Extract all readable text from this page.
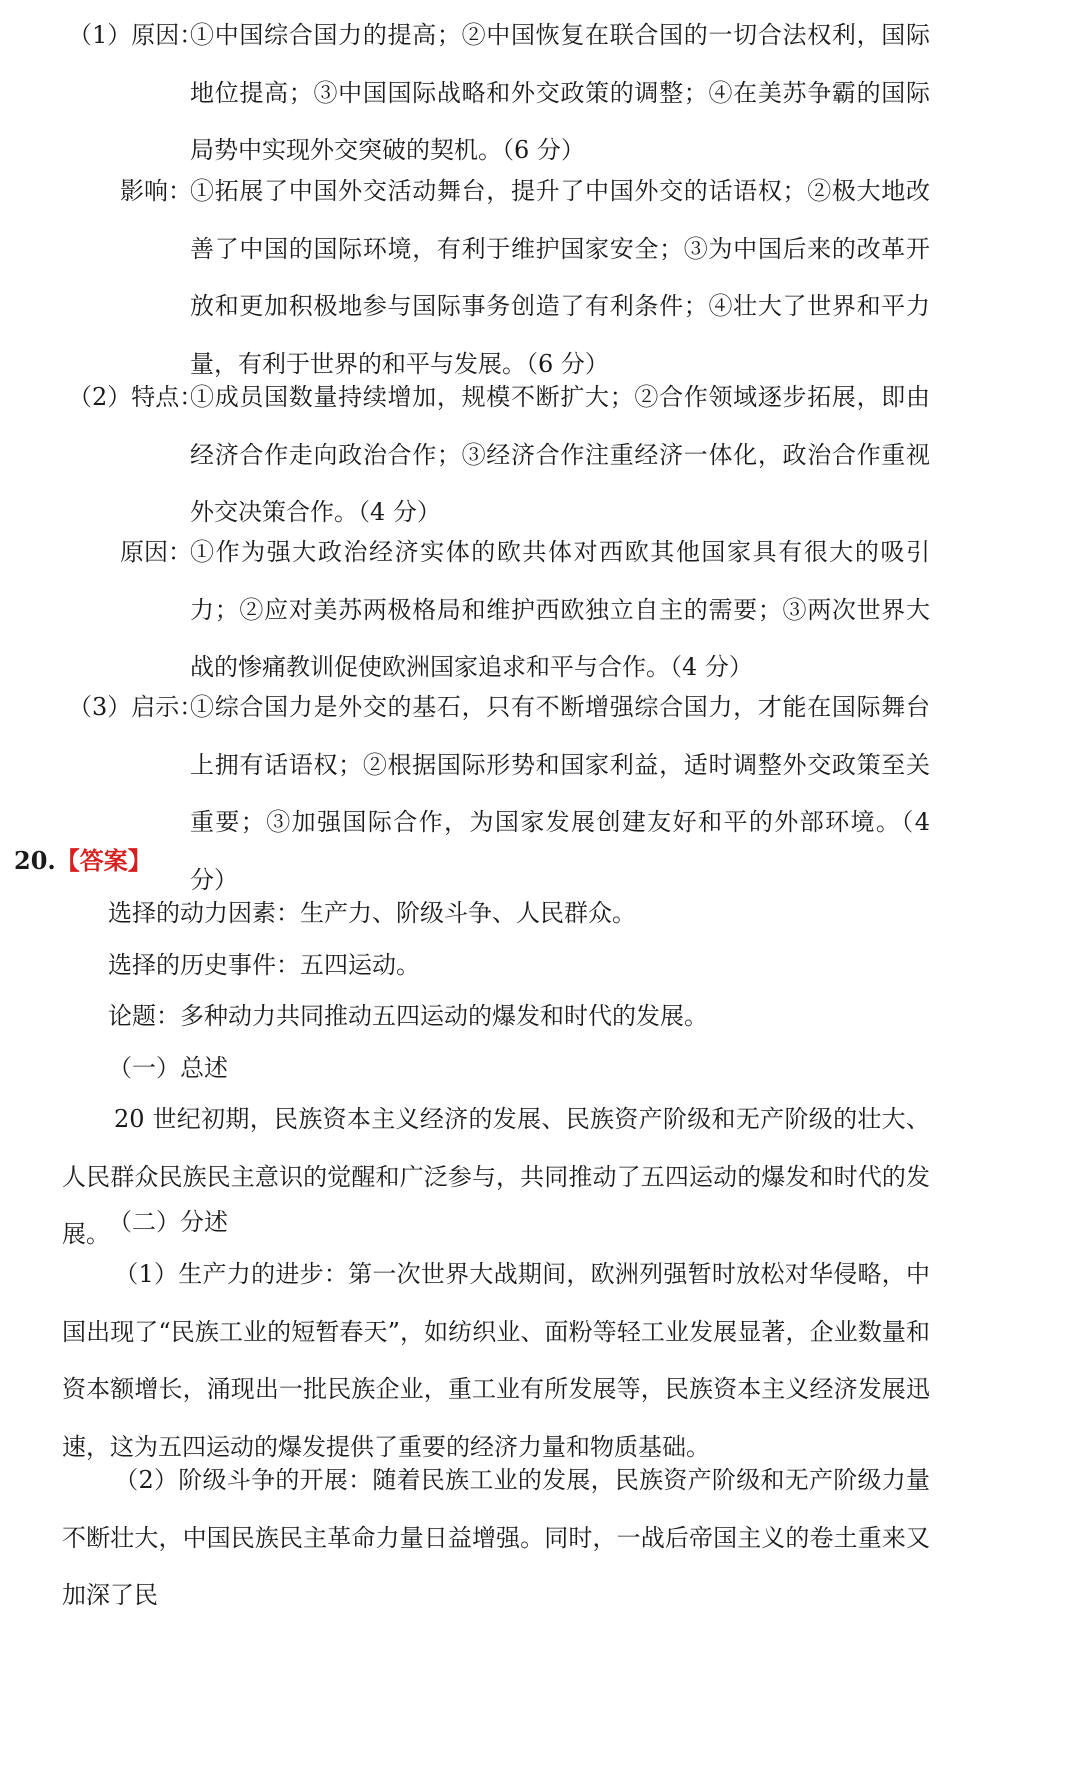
（1）原因：
①中国综合国力的提高；②中国恢复在联合国的一切合法权利，国际地位提高；③中国国际战略和外交政策的调整；④在美苏争霸的国际局势中实现外交突破的契机。（6 分）
影响：
①拓展了中国外交活动舞台，提升了中国外交的话语权；②极大地改善了中国的国际环境，有利于维护国家安全；③为中国后来的改革开放和更加积极地参与国际事务创造了有利条件；④壮大了世界和平力量，有利于世界的和平与发展。（6 分）
（2）特点：
①成员国数量持续增加，规模不断扩大；②合作领域逐步拓展，即由经济合作走向政治合作；③经济合作注重经济一体化，政治合作重视外交决策合作。（4 分）
原因：
①作为强大政治经济实体的欧共体对西欧其他国家具有很大的吸引力；②应对美苏两极格局和维护西欧独立自主的需要；③两次世界大战的惨痛教训促使欧洲国家追求和平与合作。（4 分）
（3）启示：
①综合国力是外交的基石，只有不断增强综合国力，才能在国际舞台上拥有话语权；②根据国际形势和国家利益，适时调整外交政策至关重要；③加强国际合作，为国家发展创建友好和平的外部环境。（4 分）
20.【答案】
选择的动力因素：生产力、阶级斗争、人民群众。
选择的历史事件：五四运动。
论题：多种动力共同推动五四运动的爆发和时代的发展。
（一）总述
20 世纪初期，民族资本主义经济的发展、民族资产阶级和无产阶级的壮大、人民群众民族民主意识的觉醒和广泛参与，共同推动了五四运动的爆发和时代的发展。
（二）分述
（1）生产力的进步：第一次世界大战期间，欧洲列强暂时放松对华侵略，中国出现了“民族工业的短暂春天”，如纺织业、面粉等轻工业发展显著，企业数量和资本额增长，涌现出一批民族企业，重工业有所发展等，民族资本主义经济发展迅速，这为五四运动的爆发提供了重要的经济力量和物质基础。
（2）阶级斗争的开展：随着民族工业的发展，民族资产阶级和无产阶级力量不断壮大，中国民族民主革命力量日益增强。同时，一战后帝国主义的卷土重来又加深了民
